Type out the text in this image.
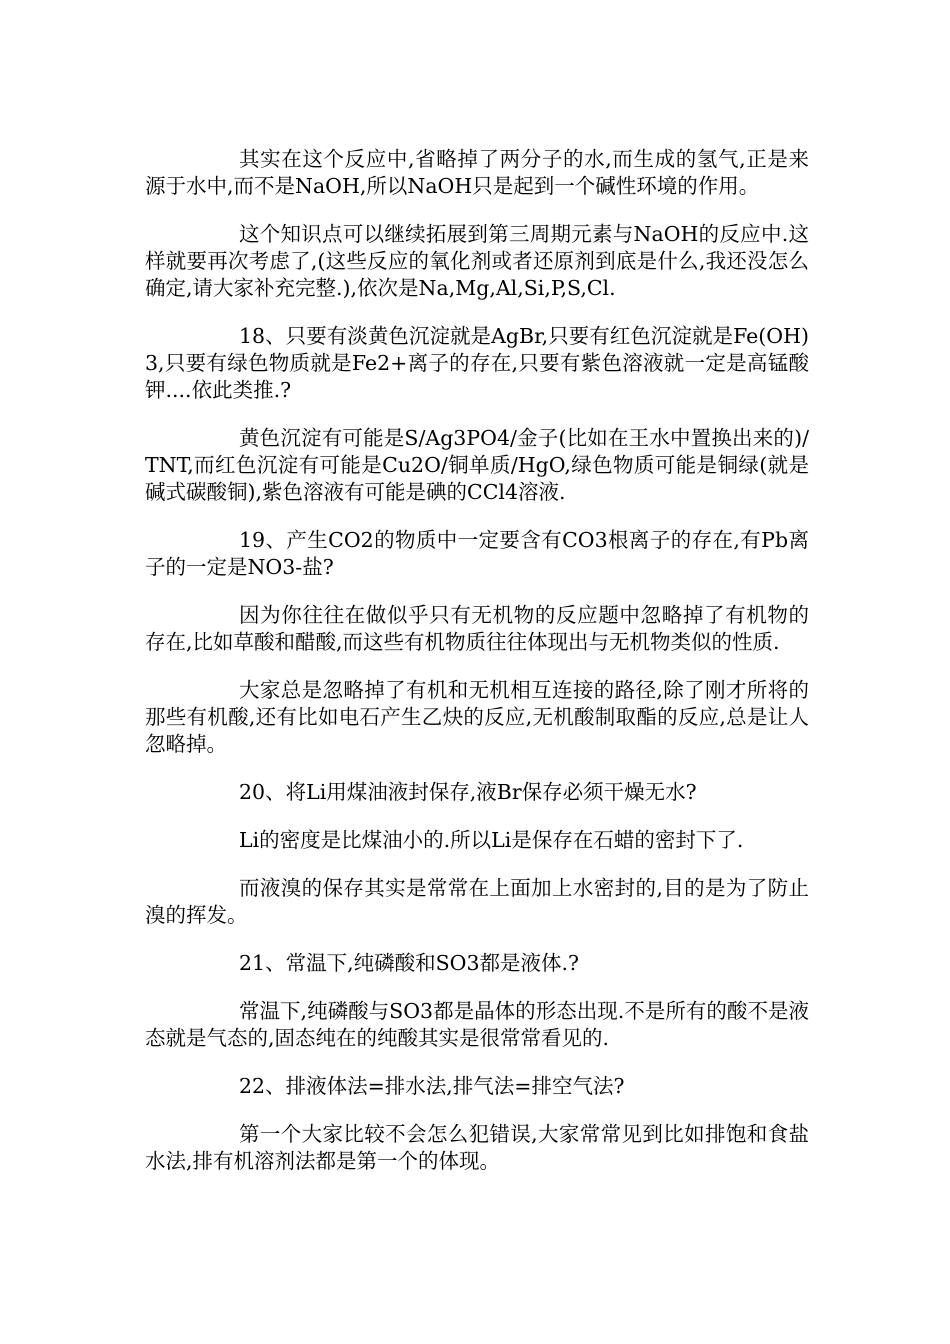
其实在这个反应中,省略掉了两分子的水,而生成的氢气,正是来源于水中,而不是NaOH,所以NaOH只是起到一个碱性环境的作用。

这个知识点可以继续拓展到第三周期元素与NaOH的反应中.这样就要再次考虑了,(这些反应的氧化剂或者还原剂到底是什么,我还没怎么确定,请大家补充完整.),依次是Na,Mg,Al,Si,P,S,Cl.

18、只要有淡黄色沉淀就是AgBr,只要有红色沉淀就是Fe(OH)3,只要有绿色物质就是Fe2+离子的存在,只要有紫色溶液就一定是高锰酸钾....依此类推.?

黄色沉淀有可能是S/Ag3PO4/金子(比如在王水中置换出来的)/TNT,而红色沉淀有可能是Cu2O/铜单质/HgO,绿色物质可能是铜绿(就是碱式碳酸铜),紫色溶液有可能是碘的CCl4溶液.

19、产生CO2的物质中一定要含有CO3根离子的存在,有Pb离子的一定是NO3-盐?

因为你往往在做似乎只有无机物的反应题中忽略掉了有机物的存在,比如草酸和醋酸,而这些有机物质往往体现出与无机物类似的性质.

大家总是忽略掉了有机和无机相互连接的路径,除了刚才所将的那些有机酸,还有比如电石产生乙炔的反应,无机酸制取酯的反应,总是让人忽略掉。

20、将Li用煤油液封保存,液Br保存必须干燥无水?

Li的密度是比煤油小的.所以Li是保存在石蜡的密封下了.

而液溴的保存其实是常常在上面加上水密封的,目的是为了防止溴的挥发。

21、常温下,纯磷酸和SO3都是液体.?

常温下,纯磷酸与SO3都是晶体的形态出现.不是所有的酸不是液态就是气态的,固态纯在的纯酸其实是很常常看见的.

22、排液体法=排水法,排气法=排空气法?

第一个大家比较不会怎么犯错误,大家常常见到比如排饱和食盐水法,排有机溶剂法都是第一个的体现。
